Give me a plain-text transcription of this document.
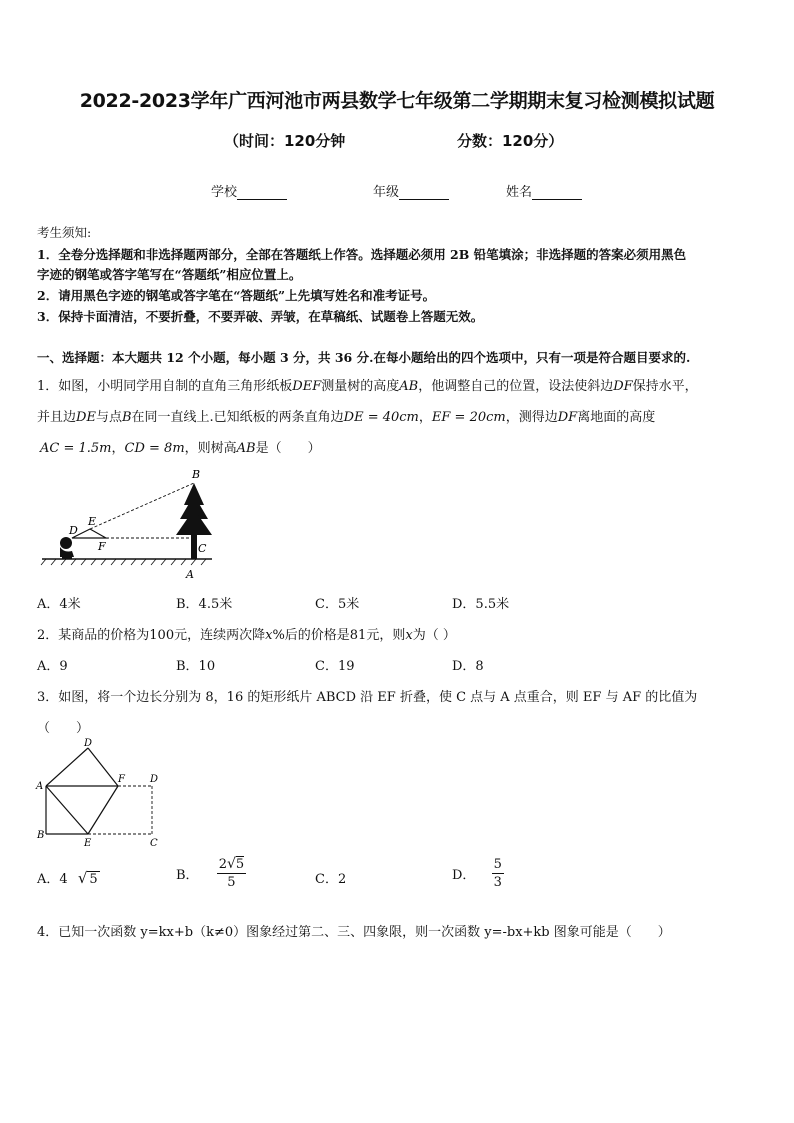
2022-2023学年广西河池市两县数学七年级第二学期期末复习检测模拟试题
（时间：120分钟	分数：120分）
学校	年级	姓名
考生须知:
1．全卷分选择题和非选择题两部分，全部在答题纸上作答。选择题必须用 2B 铅笔填涂；非选择题的答案必须用黑色
字迹的钢笔或答字笔写在“答题纸”相应位置上。
2．请用黑色字迹的钢笔或答字笔在“答题纸”上先填写姓名和准考证号。
3．保持卡面清洁，不要折叠，不要弄破、弄皱，在草稿纸、试题卷上答题无效。
一、选择题：本大题共 12 个小题，每小题 3 分，共 36 分.在每小题给出的四个选项中，只有一项是符合题目要求的.
1．如图，小明同学用自制的直角三角形纸板DEF测量树的高度AB，他调整自己的位置，设法使斜边DF保持水平，
并且边DE与点B在同一直线上.已知纸板的两条直角边DE = 40cm，EF = 20cm，测得边DF离地面的高度
AC = 1.5m，CD = 8m，则树高AB是（　　）
B
D
E
F	C
A
A．4米	B．4.5米	C．5米	D．5.5米
2．某商品的价格为100元，连续两次降x%后的价格是81元，则x为（ ）
A．9	B．10	C．19	D．8
3．如图，将一个边长分别为 8，16 的矩形纸片 ABCD 沿 EF 折叠，使 C 点与 A 点重合，则 EF 与 AF 的比值为
（　　）
D
A
F	D
B
E	C
A．4 √ 5	B． $\frac{2√5}{5}$	C．2	D． $\frac{5}{3}$
4．已知一次函数 y=kx+b（k≠0）图象经过第二、三、四象限，则一次函数 y=-bx+kb 图象可能是（　　）
